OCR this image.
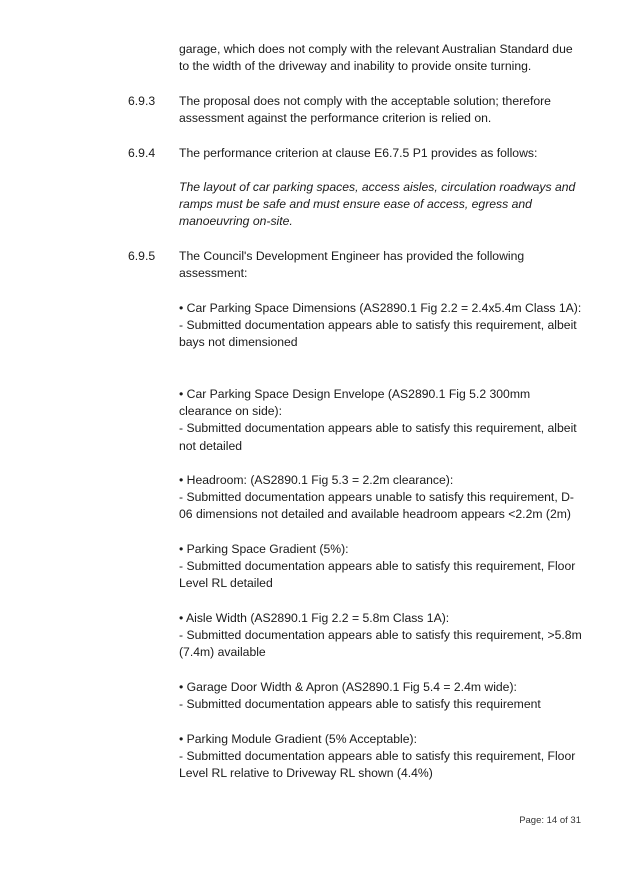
garage, which does not comply with the relevant Australian Standard due to the width of the driveway and inability to provide onsite turning.

6.9.3 The proposal does not comply with the acceptable solution; therefore assessment against the performance criterion is relied on.

6.9.4 The performance criterion at clause E6.7.5 P1 provides as follows:

The layout of car parking spaces, access aisles, circulation roadways and ramps must be safe and must ensure ease of access, egress and manoeuvring on-site.

6.9.5 The Council's Development Engineer has provided the following assessment:

• Car Parking Space Dimensions (AS2890.1 Fig 2.2 = 2.4x5.4m Class 1A):

- Submitted documentation appears able to satisfy this requirement, albeit bays not dimensioned

• Car Parking Space Design Envelope (AS2890.1 Fig 5.2 300mm clearance on side):

- Submitted documentation appears able to satisfy this requirement, albeit not detailed

• Headroom: (AS2890.1 Fig 5.3 = 2.2m clearance):

- Submitted documentation appears unable to satisfy this requirement, D-06 dimensions not detailed and available headroom appears <2.2m (2m)

• Parking Space Gradient (5%):

- Submitted documentation appears able to satisfy this requirement, Floor Level RL detailed

• Aisle Width (AS2890.1 Fig 2.2 = 5.8m Class 1A):

- Submitted documentation appears able to satisfy this requirement, >5.8m (7.4m) available

• Garage Door Width & Apron (AS2890.1 Fig 5.4 = 2.4m wide):

- Submitted documentation appears able to satisfy this requirement

• Parking Module Gradient (5% Acceptable):

- Submitted documentation appears able to satisfy this requirement, Floor Level RL relative to Driveway RL shown (4.4%)

Page: 14 of 31
